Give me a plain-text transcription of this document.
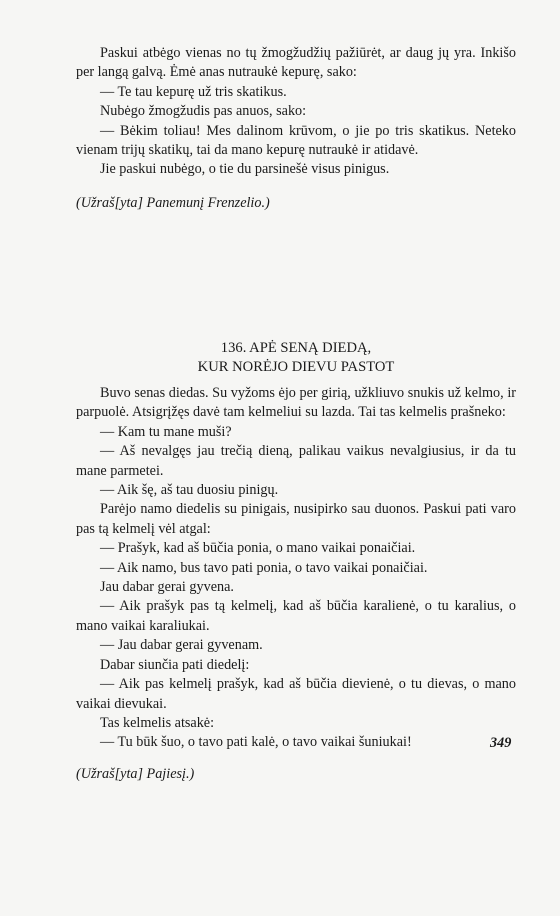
Paskui atbėgo vienas no tų žmogžudžių pažiūrėt, ar daug jų yra. Inkišo per langą galvą. Ėmė anas nutraukė kepurę, sako:

— Te tau kepurę už tris skatikus.

Nubėgo žmogžudis pas anuos, sako:

— Bėkim toliau! Mes dalinom krūvom, o jie po tris skatikus. Neteko vienam trijų skatikų, tai da mano kepurę nutraukė ir atidavė.

Jie paskui nubėgo, o tie du parsinešė visus pinigus.

(Užraš[yta] Panemunį Frenzelio.)

136. APĖ SENĄ DIEDĄ,
KUR NORĖJO DIEVU PASTOT

Buvo senas diedas. Su vyžoms ėjo per girią, užkliuvo snukis už kelmo, ir parpuolė. Atsigrįžęs davė tam kelmeliui su lazda. Tai tas kelmelis prašneko:

— Kam tu mane muši?

— Aš nevalgęs jau trečią dieną, palikau vaikus nevalgiusius, ir da tu mane parmetei.

— Aik šę, aš tau duosiu pinigų.

Parėjo namo diedelis su pinigais, nusipirko sau duonos. Paskui pati varo pas tą kelmelį vėl atgal:

— Prašyk, kad aš būčia ponia, o mano vaikai ponaičiai.

— Aik namo, bus tavo pati ponia, o tavo vaikai ponaičiai.

Jau dabar gerai gyvena.

— Aik prašyk pas tą kelmelį, kad aš būčia karalienė, o tu karalius, o mano vaikai karaliukai.

— Jau dabar gerai gyvenam.

Dabar siunčia pati diedelį:

— Aik pas kelmelį prašyk, kad aš būčia dievienė, o tu dievas, o mano vaikai dievukai.

Tas kelmelis atsakė:

— Tu būk šuo, o tavo pati kalė, o tavo vaikai šuniukai!

(Užraš[yta] Pajiesį.)

349
